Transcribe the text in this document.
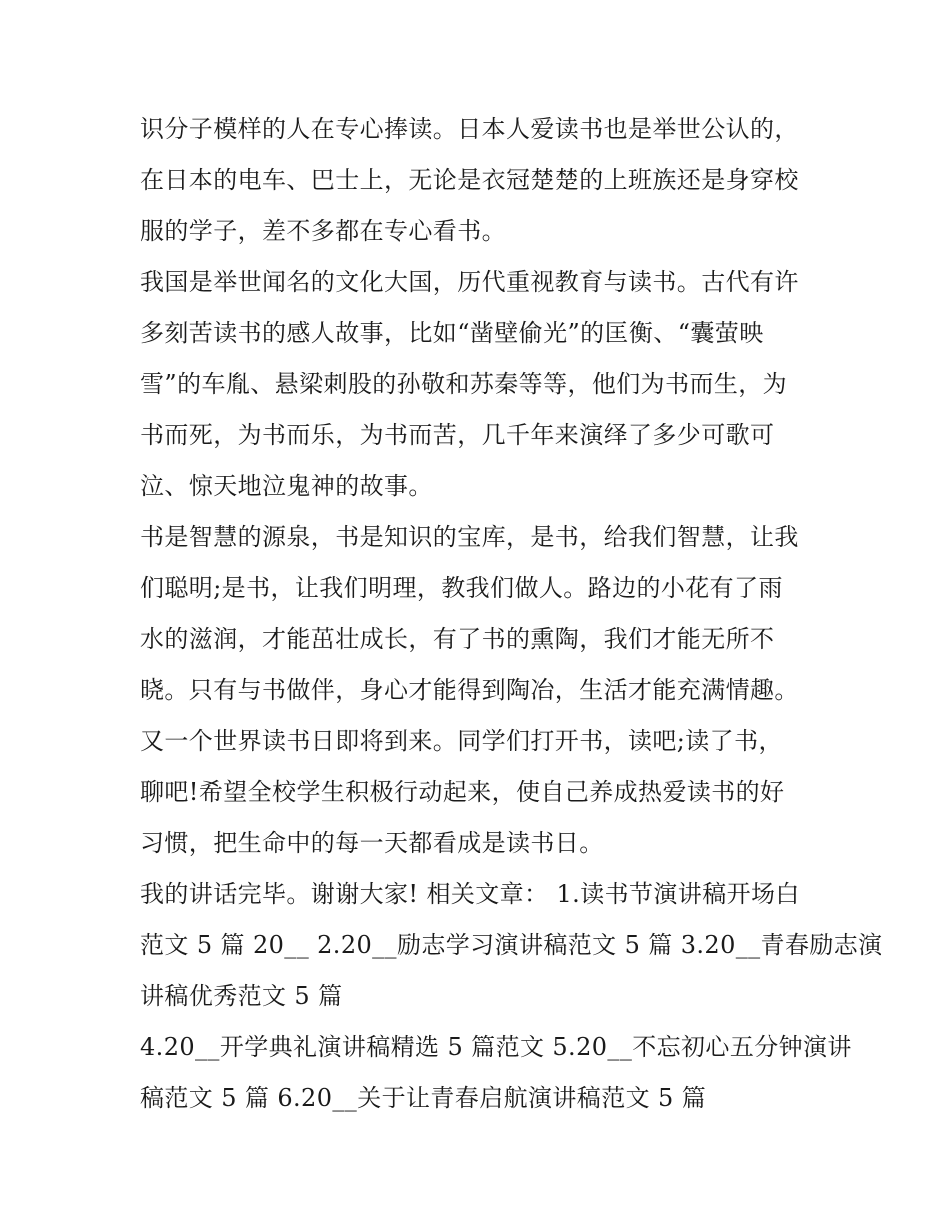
识分子模样的人在专心捧读。日本人爱读书也是举世公认的，
在日本的电车、巴士上，无论是衣冠楚楚的上班族还是身穿校
服的学子，差不多都在专心看书。
我国是举世闻名的文化大国，历代重视教育与读书。古代有许
多刻苦读书的感人故事，比如“凿壁偷光”的匡衡、“囊萤映
雪”的车胤、悬梁刺股的孙敬和苏秦等等，他们为书而生，为
书而死，为书而乐，为书而苦，几千年来演绎了多少可歌可
泣、惊天地泣鬼神的故事。
书是智慧的源泉，书是知识的宝库，是书，给我们智慧，让我
们聪明;是书，让我们明理，教我们做人。路边的小花有了雨
水的滋润，才能茁壮成长，有了书的熏陶，我们才能无所不
晓。只有与书做伴，身心才能得到陶冶，生活才能充满情趣。
又一个世界读书日即将到来。同学们打开书，读吧;读了书，
聊吧!希望全校学生积极行动起来，使自己养成热爱读书的好
习惯，把生命中的每一天都看成是读书日。
我的讲话完毕。谢谢大家! 相关文章： 1.读书节演讲稿开场白
范文 5 篇 20__ 2.20__励志学习演讲稿范文 5 篇 3.20__青春励志演
讲稿优秀范文 5 篇
4.20__开学典礼演讲稿精选 5 篇范文 5.20__不忘初心五分钟演讲
稿范文 5 篇 6.20__关于让青春启航演讲稿范文 5 篇
